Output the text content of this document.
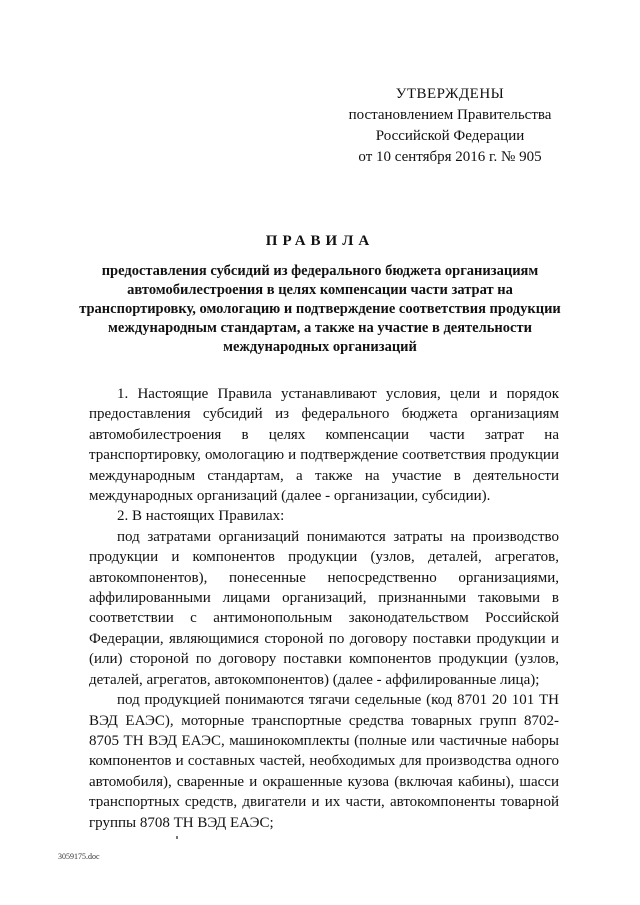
УТВЕРЖДЕНЫ
постановлением Правительства
Российской Федерации
от 10 сентября 2016 г. № 905
ПРАВИЛА
предоставления субсидий из федерального бюджета организациям автомобилестроения в целях компенсации части затрат на транспортировку, омологацию и подтверждение соответствия продукции международным стандартам, а также на участие в деятельности международных организаций

1. Настоящие Правила устанавливают условия, цели и порядок предоставления субсидий из федерального бюджета организациям автомобилестроения в целях компенсации части затрат на транспортировку, омологацию и подтверждение соответствия продукции международным стандартам, а также на участие в деятельности международных организаций (далее - организации, субсидии).

2. В настоящих Правилах:

под затратами организаций понимаются затраты на производство продукции и компонентов продукции (узлов, деталей, агрегатов, автокомпонентов), понесенные непосредственно организациями, аффилированными лицами организаций, признанными таковыми в соответствии с антимонопольным законодательством Российской Федерации, являющимися стороной по договору поставки продукции и (или) стороной по договору поставки компонентов продукции (узлов, деталей, агрегатов, автокомпонентов) (далее - аффилированные лица);

под продукцией понимаются тягачи седельные (код 8701 20 101 ТН ВЭД ЕАЭС), моторные транспортные средства товарных групп 8702-8705 ТН ВЭД ЕАЭС, машинокомплекты (полные или частичные наборы компонентов и составных частей, необходимых для производства одного автомобиля), сваренные и окрашенные кузова (включая кабины), шасси транспортных средств, двигатели и их части, автокомпоненты товарной группы 8708 ТН ВЭД ЕАЭС;

3059175.doc
